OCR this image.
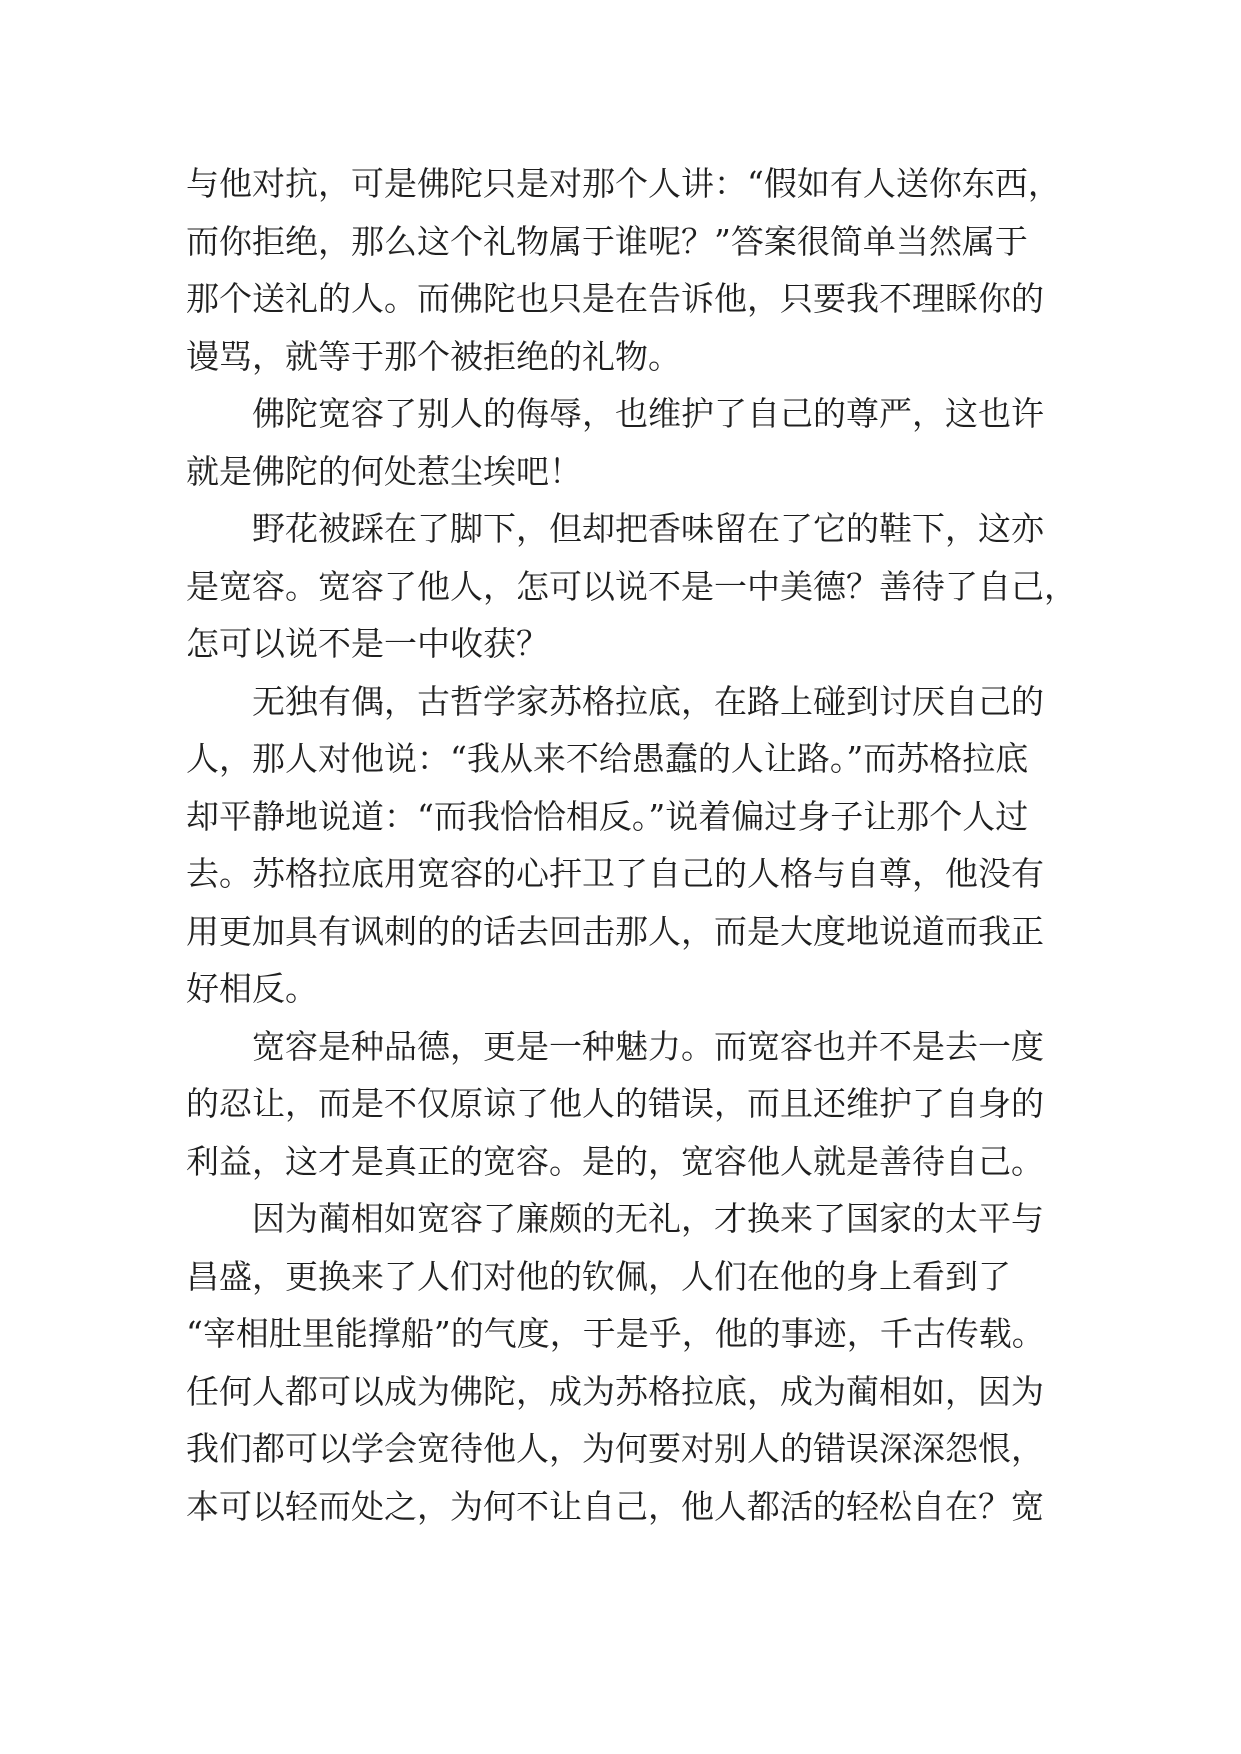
与他对抗，可是佛陀只是对那个人讲：“假如有人送你东西，
而你拒绝，那么这个礼物属于谁呢？”答案很简单当然属于
那个送礼的人。而佛陀也只是在告诉他，只要我不理睬你的
谩骂，就等于那个被拒绝的礼物。
佛陀宽容了别人的侮辱，也维护了自己的尊严，这也许
就是佛陀的何处惹尘埃吧！
野花被踩在了脚下，但却把香味留在了它的鞋下，这亦
是宽容。宽容了他人，怎可以说不是一中美德？善待了自己，
怎可以说不是一中收获？
无独有偶，古哲学家苏格拉底，在路上碰到讨厌自己的
人，那人对他说：“我从来不给愚蠢的人让路。”而苏格拉底
却平静地说道：“而我恰恰相反。”说着偏过身子让那个人过
去。苏格拉底用宽容的心扞卫了自己的人格与自尊，他没有
用更加具有讽刺的的话去回击那人，而是大度地说道而我正
好相反。
宽容是种品德，更是一种魅力。而宽容也并不是去一度
的忍让，而是不仅原谅了他人的错误，而且还维护了自身的
利益，这才是真正的宽容。是的，宽容他人就是善待自己。
因为蔺相如宽容了廉颇的无礼，才换来了国家的太平与
昌盛，更换来了人们对他的钦佩，人们在他的身上看到了
“宰相肚里能撑船”的气度，于是乎，他的事迹，千古传载。
任何人都可以成为佛陀，成为苏格拉底，成为蔺相如，因为
我们都可以学会宽待他人，为何要对别人的错误深深怨恨，
本可以轻而处之，为何不让自己，他人都活的轻松自在？宽
